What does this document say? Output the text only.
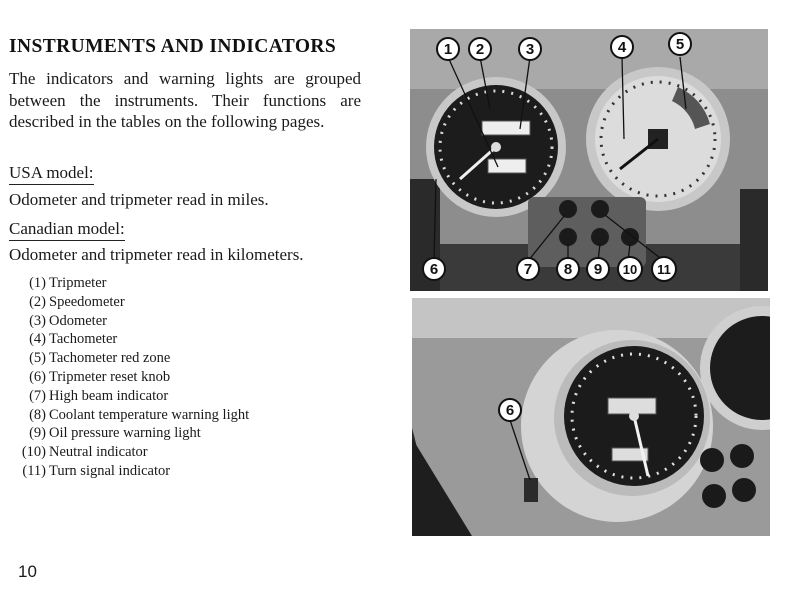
INSTRUMENTS AND INDICATORS
The indicators and warning lights are grouped between the instruments. Their functions are described in the tables on the following pages.
USA model:
Odometer and tripmeter read in miles.
Canadian model:
Odometer and tripmeter read in kilometers.
(1) Tripmeter
(2) Speedometer
(3) Odometer
(4) Tachometer
(5) Tachometer red zone
(6) Tripmeter reset knob
(7) High beam indicator
(8) Coolant temperature warning light
(9) Oil pressure warning light
(10) Neutral indicator
(11) Turn signal indicator
10
1 2	3	4	5
6	7 8 9 10 11
6
